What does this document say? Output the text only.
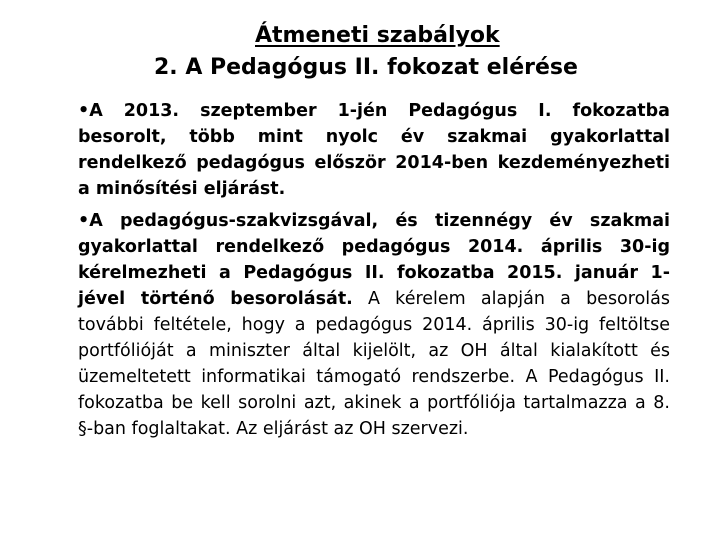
Átmeneti szabályok
2. A Pedagógus II. fokozat elérése

•A 2013. szeptember 1-jén Pedagógus I. fokozatba besorolt, több mint nyolc év szakmai gyakorlattal rendelkező pedagógus először 2014-ben kezdeményezheti a minősítési eljárást.

•A pedagógus-szakvizsgával, és tizennégy év szakmai gyakorlattal rendelkező pedagógus 2014. április 30-ig kérelmezheti a Pedagógus II. fokozatba 2015. január 1-jével történő besorolását. A kérelem alapján a besorolás további feltétele, hogy a pedagógus 2014. április 30-ig feltöltse portfólióját a miniszter által kijelölt, az OH által kialakított és üzemeltetett informatikai támogató rendszerbe. A Pedagógus II. fokozatba be kell sorolni azt, akinek a portfóliója tartalmazza a 8. §-ban foglaltakat. Az eljárást az OH szervezi.
